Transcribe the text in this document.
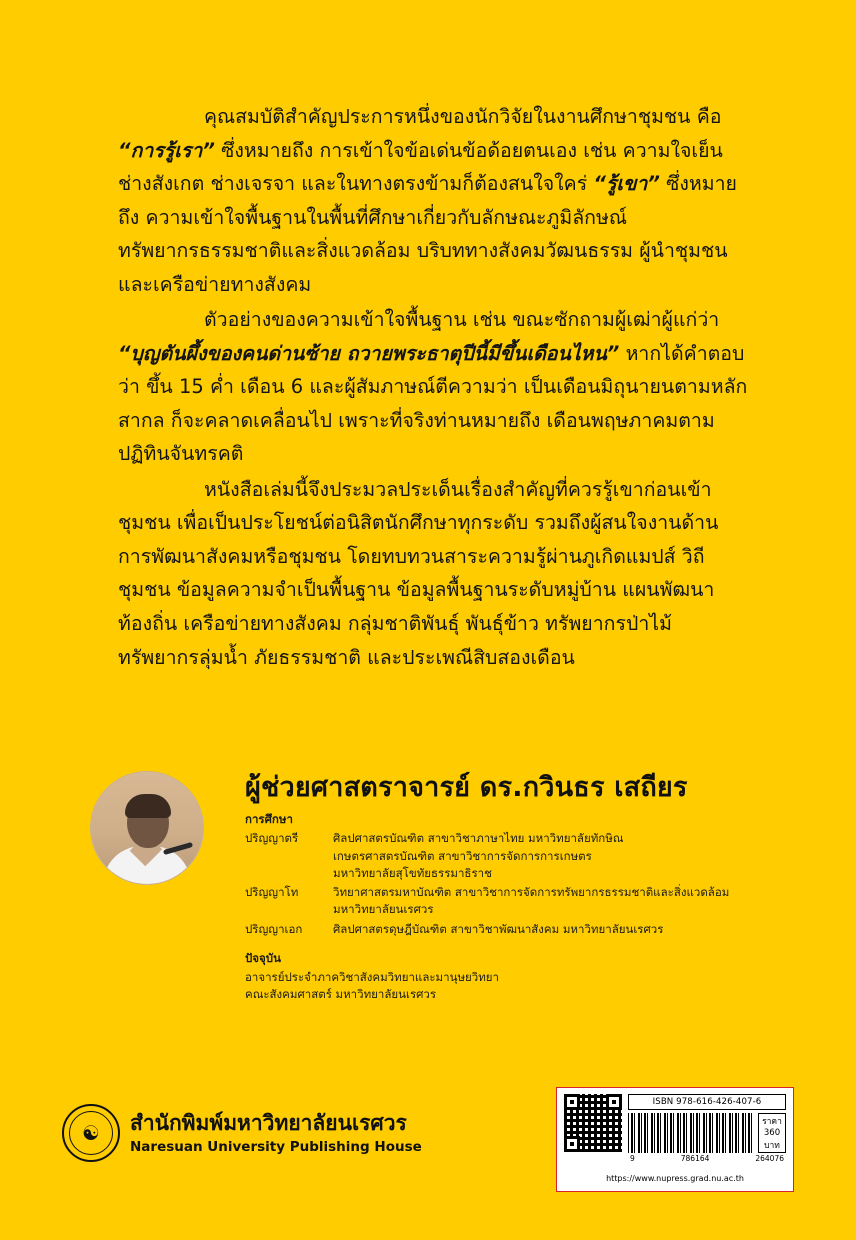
คุณสมบัติสำคัญประการหนึ่งของนักวิจัยในงานศึกษาชุมชน คือ “การรู้เรา” ซึ่งหมายถึง การเข้าใจข้อเด่นข้อด้อยตนเอง เช่น ความใจเย็น ช่างสังเกต ช่างเจรจา และในทางตรงข้ามก็ต้องสนใจใคร่ “รู้เขา” ซึ่งหมายถึง ความเข้าใจพื้นฐานในพื้นที่ศึกษาเกี่ยวกับลักษณะภูมิลักษณ์ ทรัพยากรธรรมชาติและสิ่งแวดล้อม บริบททางสังคมวัฒนธรรม ผู้นำชุมชน และเครือข่ายทางสังคม

ตัวอย่างของความเข้าใจพื้นฐาน เช่น ขณะซักถามผู้เฒ่าผู้แก่ว่า “บุญตันผึ้งของคนด่านซ้าย ถวายพระธาตุปีนี้มีขึ้นเดือนไหน” หากได้คำตอบว่า ขึ้น 15 ค่ำ เดือน 6 และผู้สัมภาษณ์ตีความว่า เป็นเดือนมิถุนายนตามหลักสากล ก็จะคลาดเคลื่อนไป เพราะที่จริงท่านหมายถึง เดือนพฤษภาคมตามปฏิทินจันทรคติ

หนังสือเล่มนี้จึงประมวลประเด็นเรื่องสำคัญที่ควรรู้เขาก่อนเข้าชุมชน เพื่อเป็นประโยชน์ต่อนิสิตนักศึกษาทุกระดับ รวมถึงผู้สนใจงานด้านการพัฒนาสังคมหรือชุมชน โดยทบทวนสาระความรู้ผ่านภูเกิดแมปส์ วิถีชุมชน ข้อมูลความจำเป็นพื้นฐาน ข้อมูลพื้นฐานระดับหมู่บ้าน แผนพัฒนาท้องถิ่น เครือข่ายทางสังคม กลุ่มชาติพันธุ์ พันธุ์ข้าว ทรัพยากรป่าไม้ ทรัพยากรลุ่มน้ำ ภัยธรรมชาติ และประเพณีสิบสองเดือน

ผู้ช่วยศาสตราจารย์ ดร.กวินธร เสถียร
การศึกษา
ปริญญาตรี	ศิลปศาสตรบัณฑิต สาขาวิชาภาษาไทย มหาวิทยาลัยทักษิณ
เกษตรศาสตรบัณฑิต สาขาวิชาการจัดการการเกษตร
มหาวิทยาลัยสุโขทัยธรรมาธิราช
ปริญญาโท	วิทยาศาสตรมหาบัณฑิต สาขาวิชาการจัดการทรัพยากรธรรมชาติและสิ่งแวดล้อม
มหาวิทยาลัยนเรศวร
ปริญญาเอก	ศิลปศาสตรดุษฎีบัณฑิต สาขาวิชาพัฒนาสังคม มหาวิทยาลัยนเรศวร
ปัจจุบัน
อาจารย์ประจำภาควิชาสังคมวิทยาและมานุษยวิทยา
คณะสังคมศาสตร์ มหาวิทยาลัยนเรศวร
☯	สำนักพิมพ์มหาวิทยาลัยนเรศวร
Naresuan University Publishing House
ISBN 978-616-426-407-6
ราคา 360 บาท
9	786164	264076
https://www.nupress.grad.nu.ac.th
